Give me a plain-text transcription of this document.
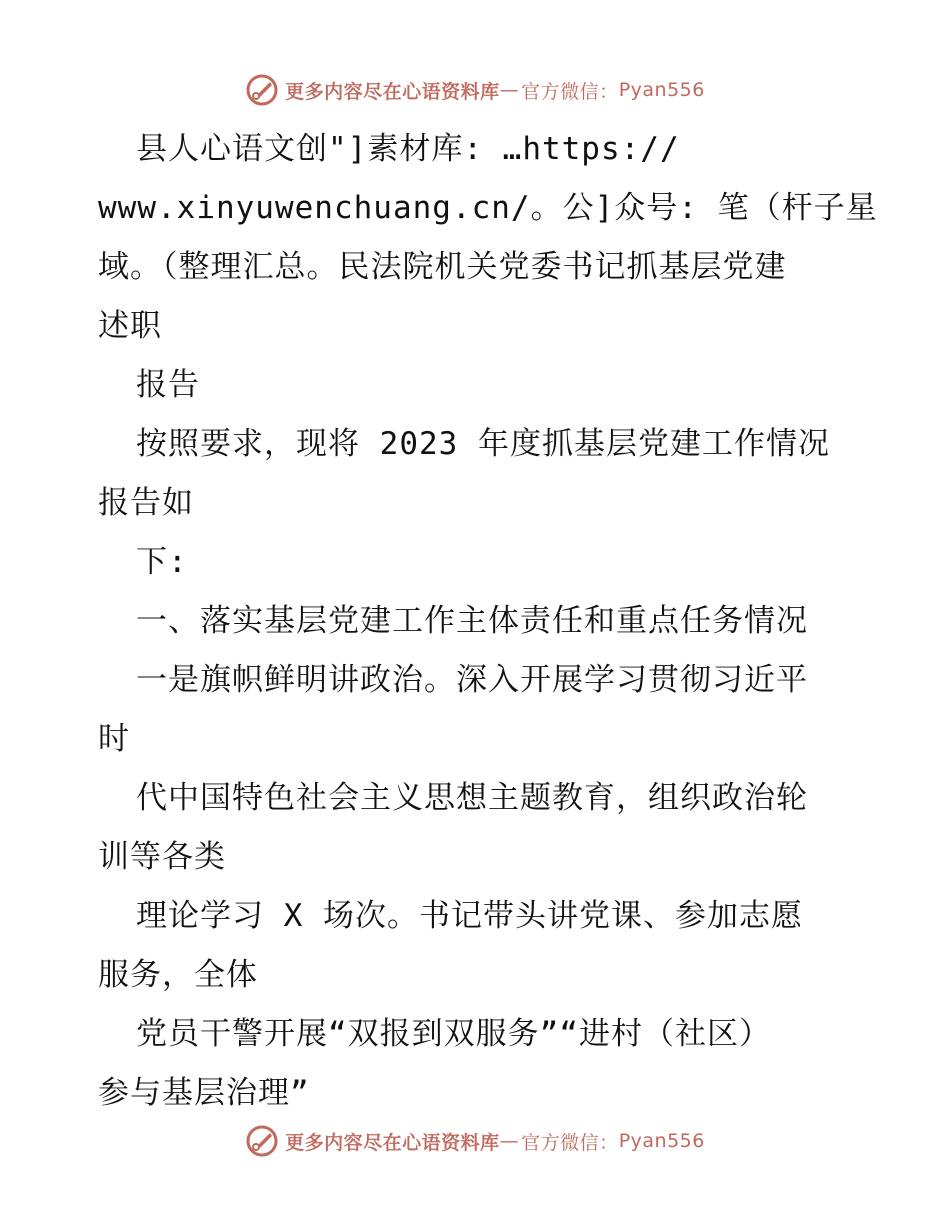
更多内容尽在心语资料库 — 官方微信： Pyan556
县人心语文创"]素材库: …https://
www.xinyuwenchuang.cn/。公]众号: 笔（杆子星
域。（整理汇总。民法院机关党委书记抓基层党建
述职
报告
按照要求，现将 2023 年度抓基层党建工作情况
报告如
下:
一、落实基层党建工作主体责任和重点任务情况
一是旗帜鲜明讲政治。深入开展学习贯彻习近平
时
代中国特色社会主义思想主题教育，组织政治轮
训等各类
理论学习 X 场次。书记带头讲党课、参加志愿
服务，全体
党员干警开展“双报到双服务”“进村（社区）
参与基层治理”
更多内容尽在心语资料库 — 官方微信： Pyan556
